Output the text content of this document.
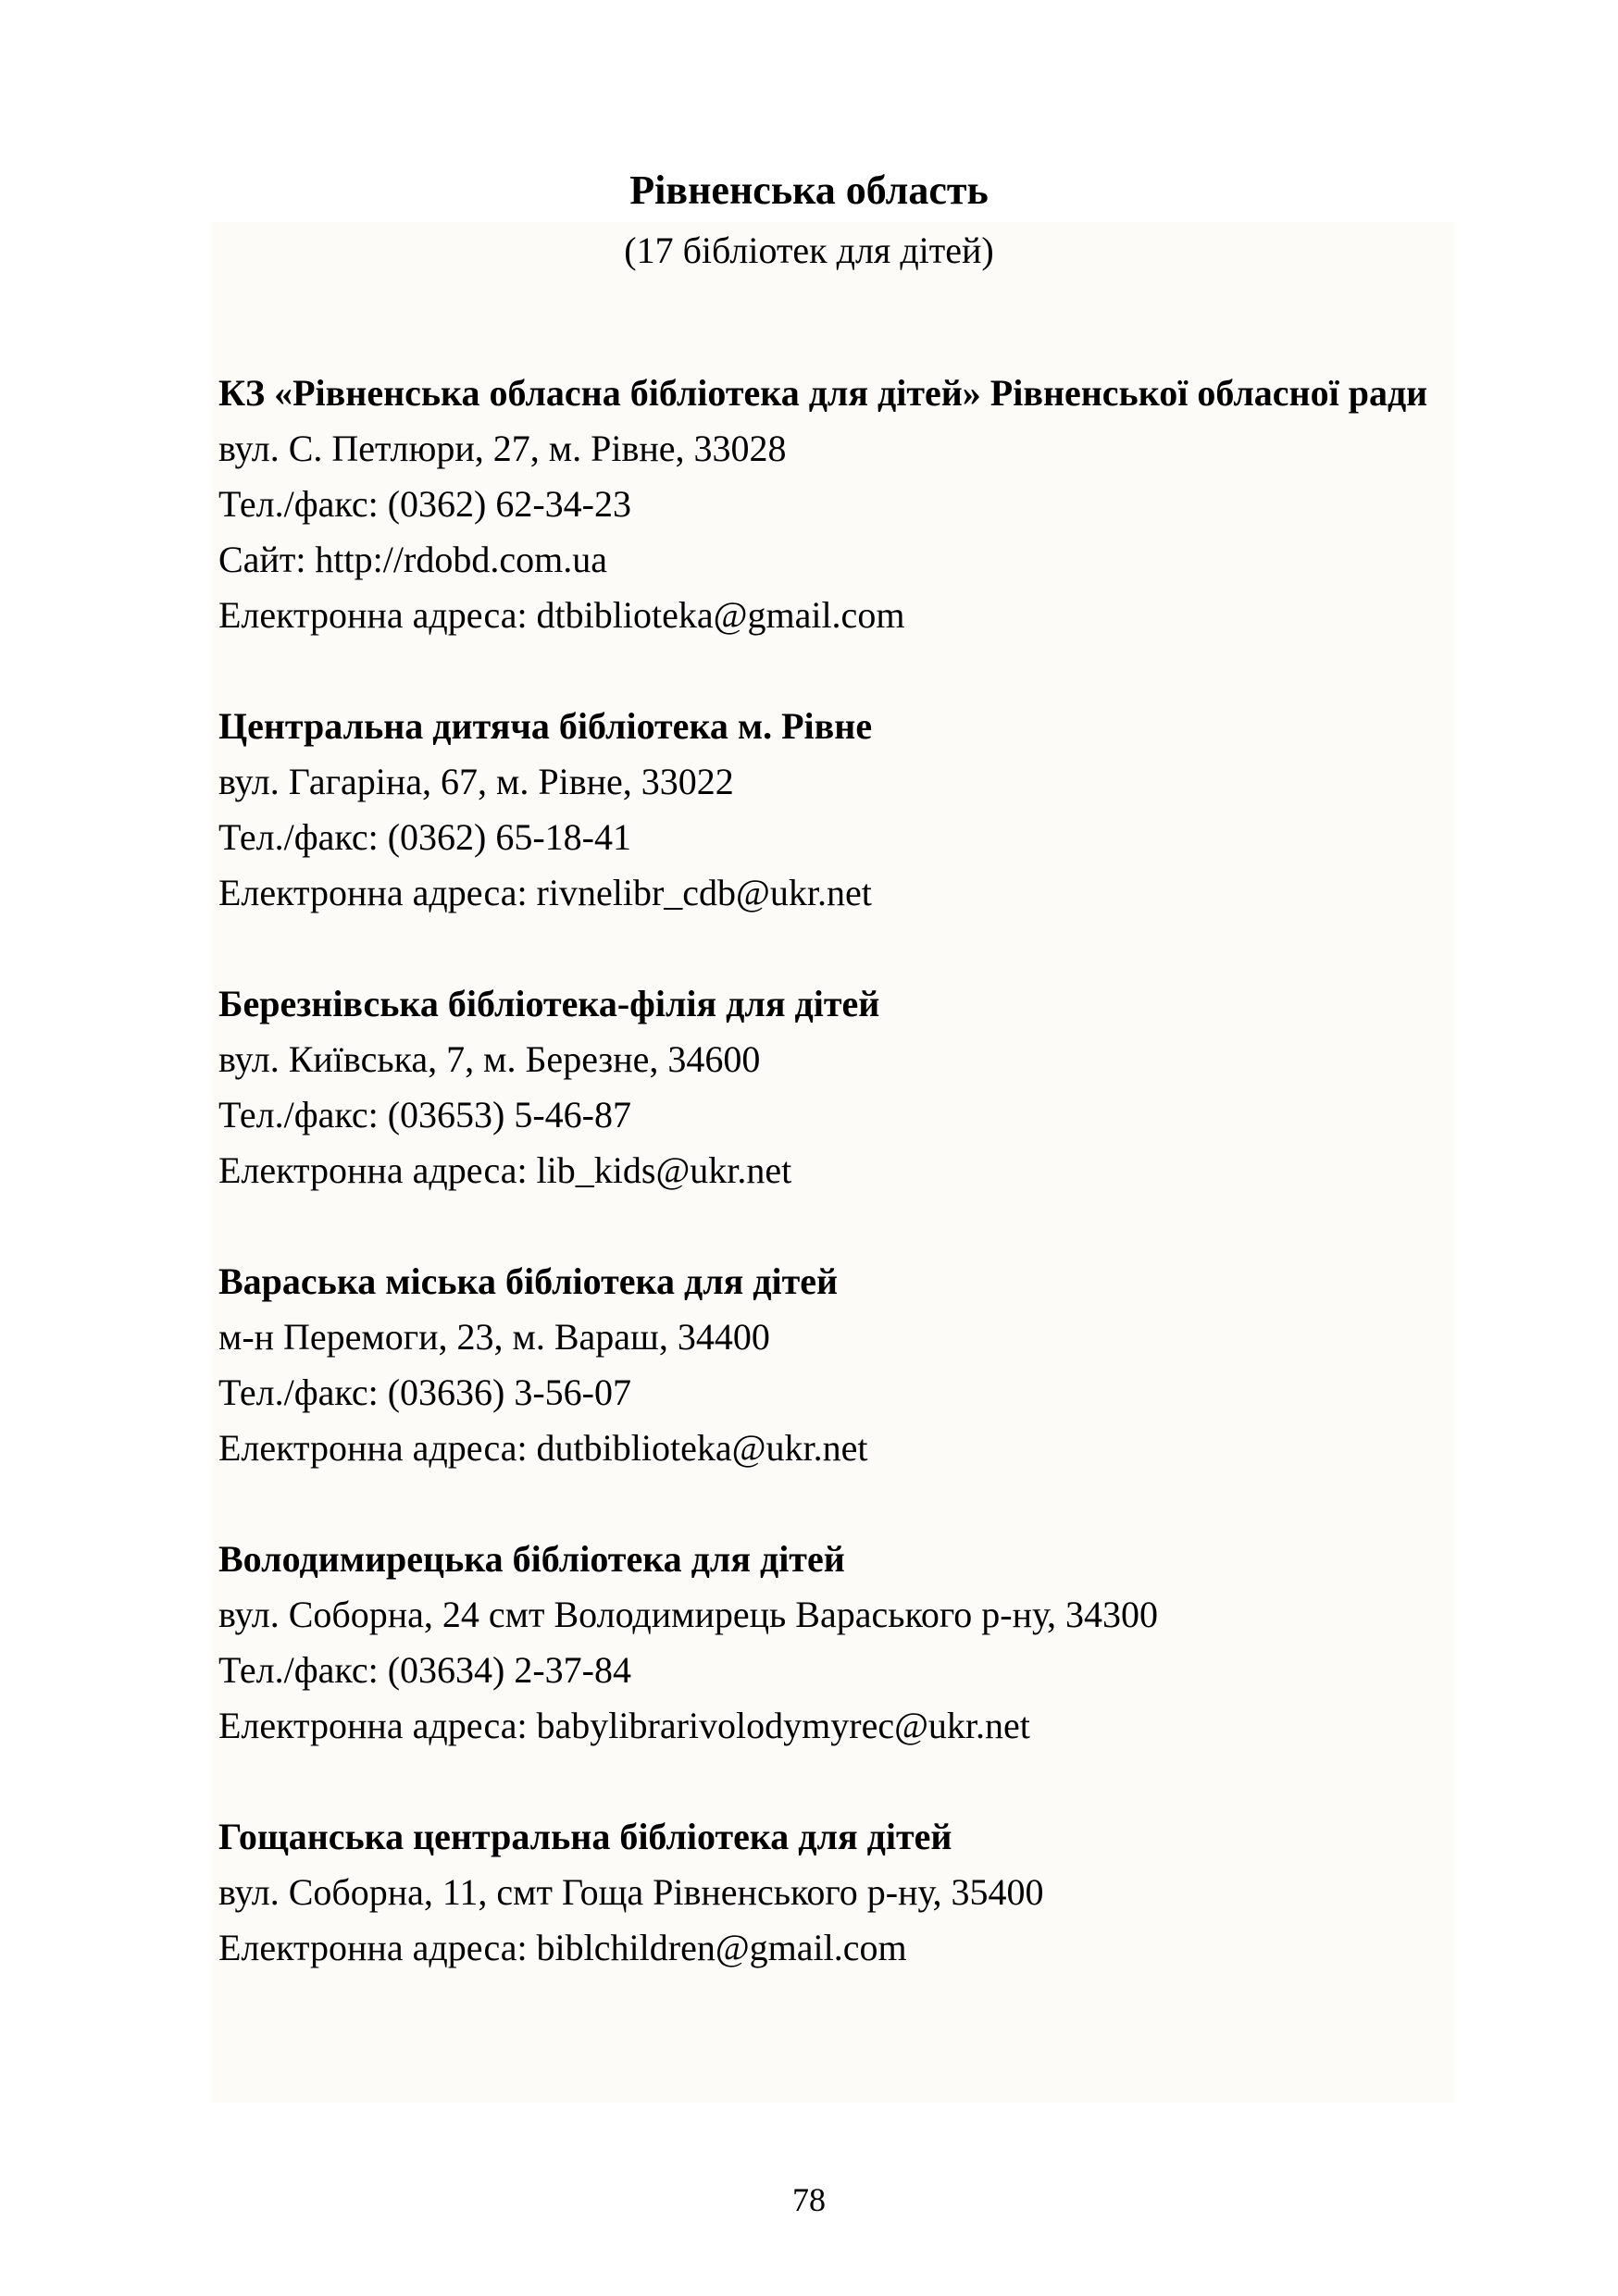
Рівненська область
(17 бібліотек для дітей)
КЗ «Рівненська обласна бібліотека для дітей» Рівненської обласної ради
вул. С. Петлюри, 27, м. Рівне, 33028
Тел./факс: (0362) 62-34-23
Сайт: http://rdobd.com.ua
Електронна адреса: dtbiblioteka@gmail.com
Центральна дитяча бібліотека м. Рівне
вул. Гагаріна, 67, м. Рівне, 33022
Тел./факс: (0362) 65-18-41
Електронна адреса: rivnelibr_cdb@ukr.net
Березнівська бібліотека-філія для дітей
вул. Київська, 7, м. Березне, 34600
Тел./факс: (03653) 5-46-87
Електронна адреса: lib_kids@ukr.net
Вараська міська бібліотека для дітей
м-н Перемоги, 23, м. Вараш, 34400
Тел./факс: (03636) 3-56-07
Електронна адреса: dutbiblioteka@ukr.net
Володимирецька бібліотека для дітей
вул. Соборна, 24 смт Володимирець Вараського р-ну, 34300
Тел./факс: (03634) 2-37-84
Електронна адреса: babylibrarivolodymyrec@ukr.net
Гощанська центральна бібліотека для дітей
вул. Соборна, 11, смт Гоща Рівненського р-ну, 35400
Електронна адреса: biblchildren@gmail.com
78
